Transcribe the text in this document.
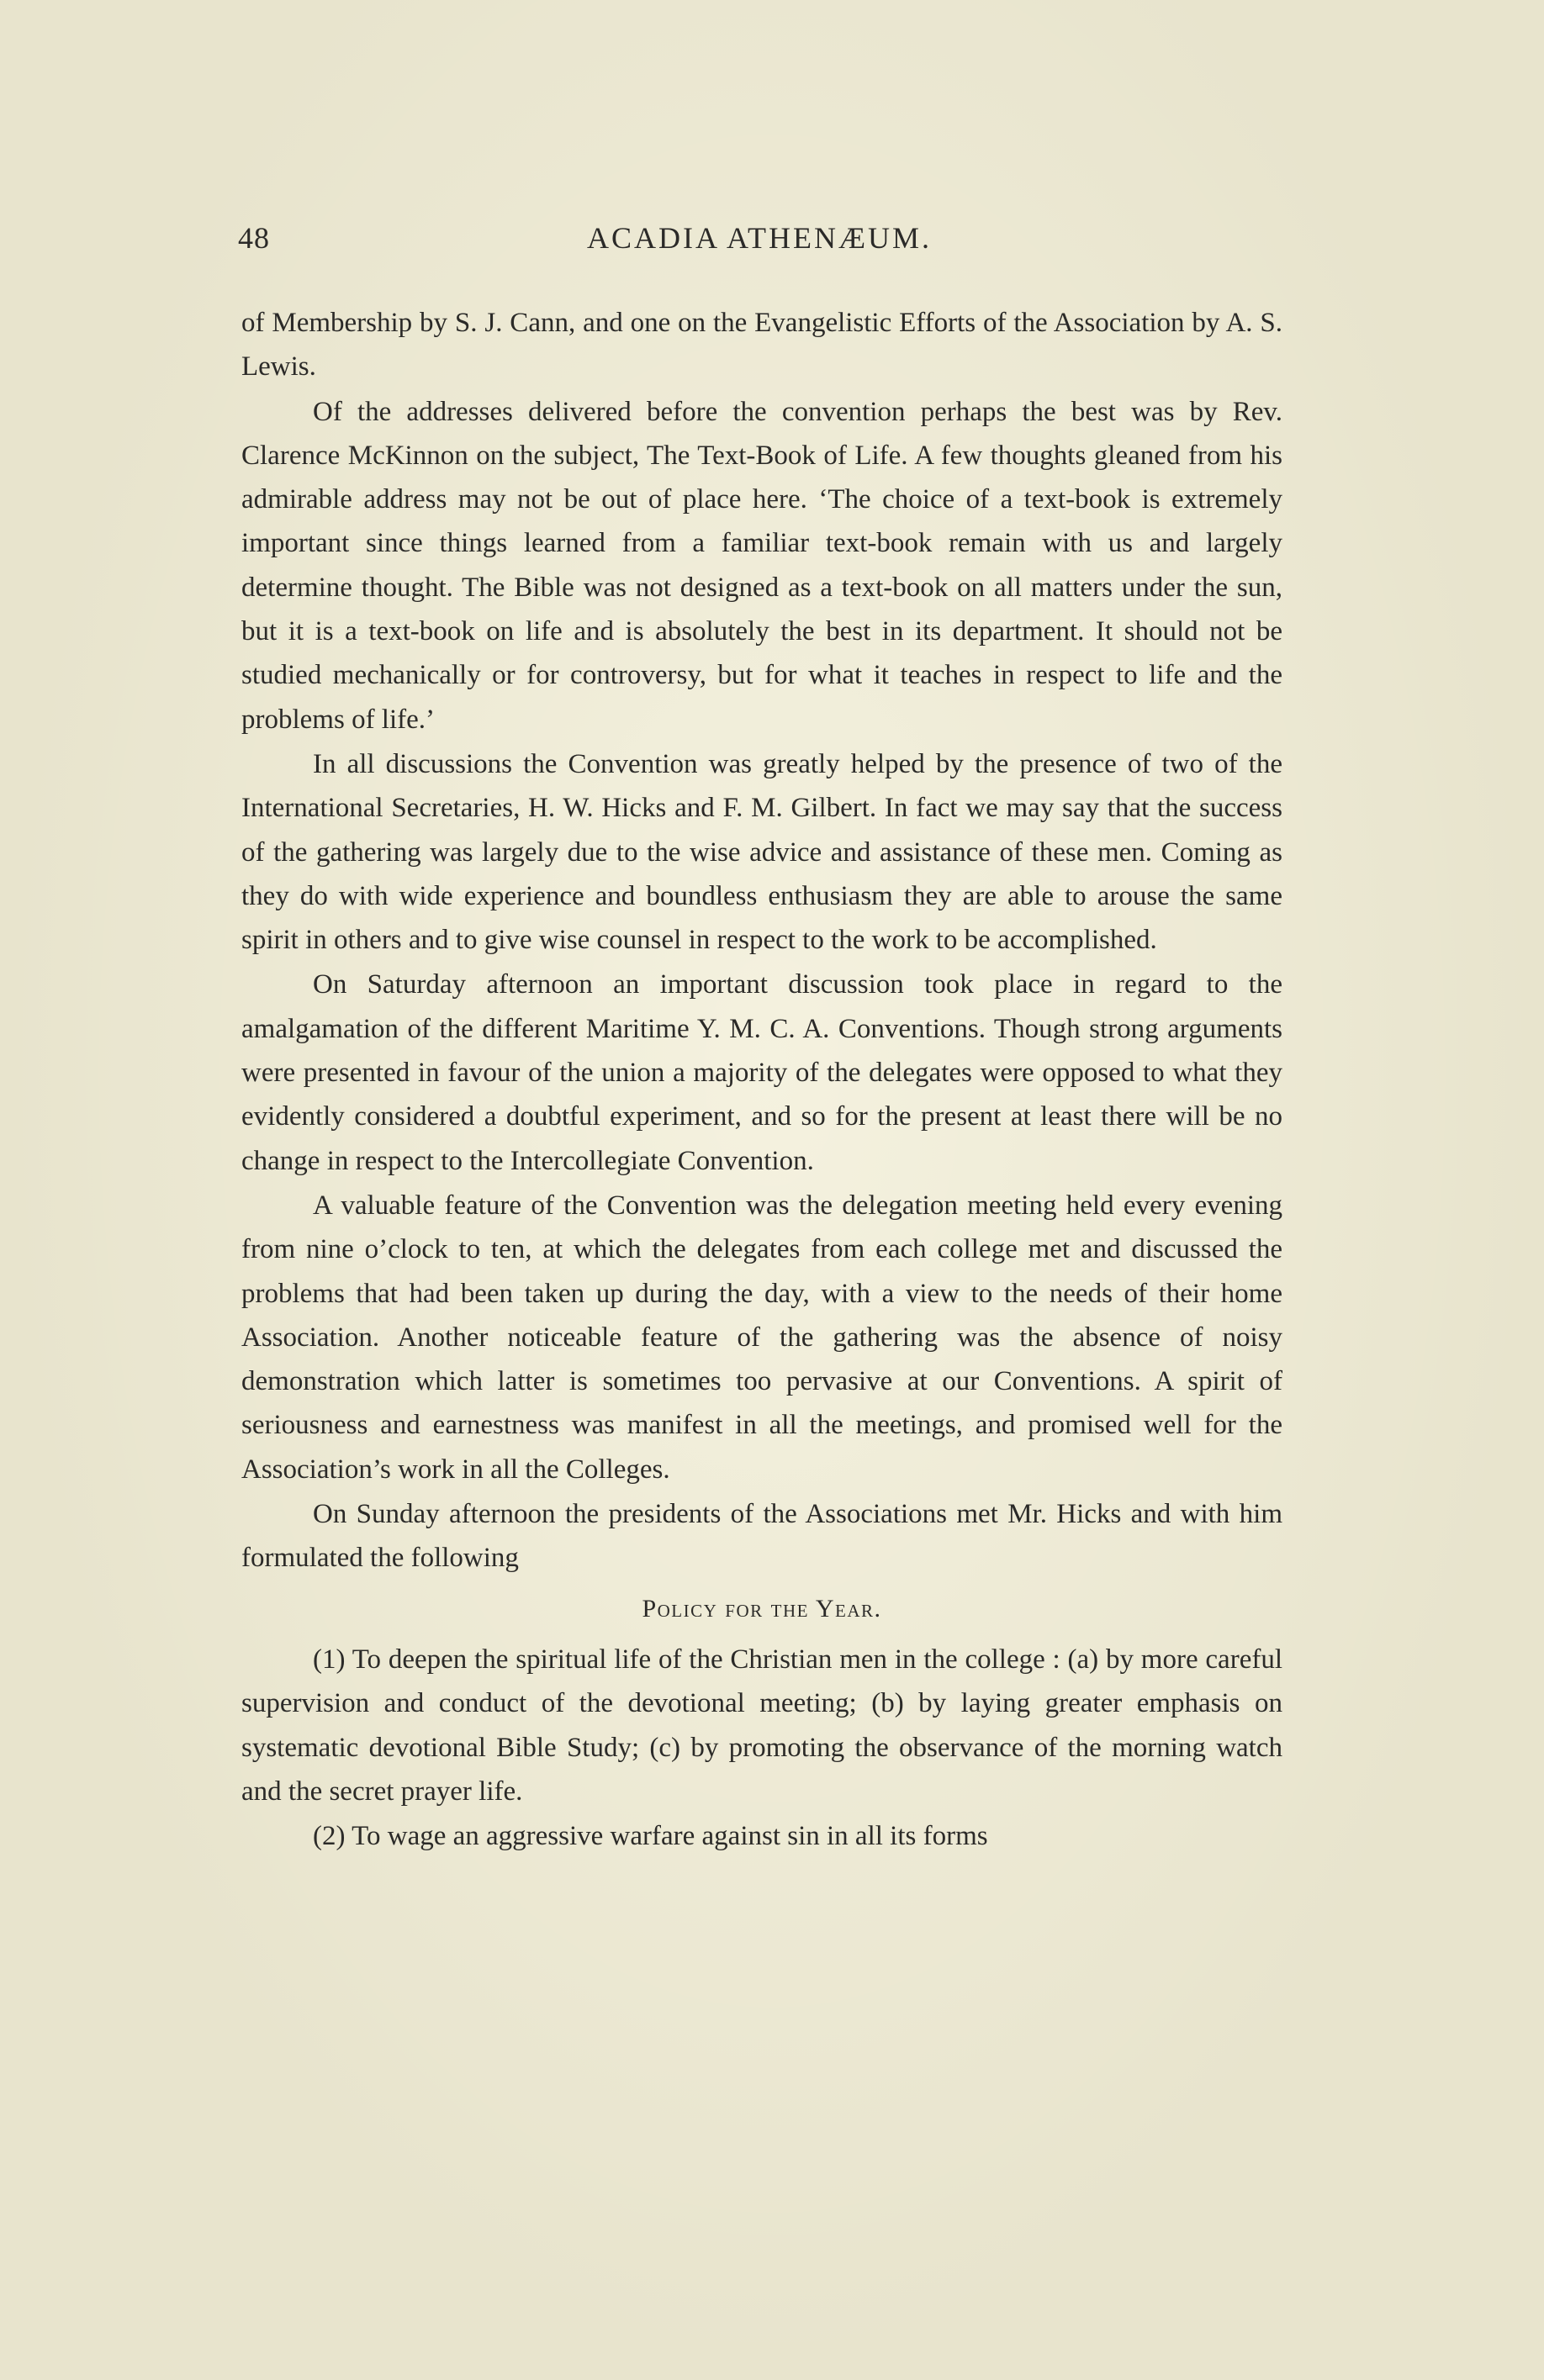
48	ACADIA ATHENÆUM.

of Membership by S. J. Cann, and one on the Evangelistic Efforts of the Association by A. S. Lewis.

Of the addresses delivered before the convention perhaps the best was by Rev. Clarence McKinnon on the subject, The Text-Book of Life. A few thoughts gleaned from his admirable address may not be out of place here. ‘The choice of a text-book is extremely important since things learned from a familiar text-book remain with us and largely determine thought. The Bible was not designed as a text-book on all matters under the sun, but it is a text-book on life and is absolutely the best in its department. It should not be studied mechanically or for controversy, but for what it teaches in respect to life and the problems of life.’

In all discussions the Convention was greatly helped by the presence of two of the International Secretaries, H. W. Hicks and F. M. Gilbert. In fact we may say that the success of the gathering was largely due to the wise advice and assistance of these men. Coming as they do with wide experience and boundless enthusiasm they are able to arouse the same spirit in others and to give wise counsel in respect to the work to be accomplished.

On Saturday afternoon an important discussion took place in regard to the amalgamation of the different Maritime Y. M. C. A. Conventions. Though strong arguments were presented in favour of the union a majority of the delegates were opposed to what they evidently considered a doubtful experiment, and so for the present at least there will be no change in respect to the Intercollegiate Convention.

A valuable feature of the Convention was the delegation meeting held every evening from nine o’clock to ten, at which the delegates from each college met and discussed the problems that had been taken up during the day, with a view to the needs of their home Association. Another noticeable feature of the gathering was the absence of noisy demonstration which latter is sometimes too pervasive at our Conventions. A spirit of seriousness and earnestness was manifest in all the meetings, and promised well for the Association’s work in all the Colleges.

On Sunday afternoon the presidents of the Associations met Mr. Hicks and with him formulated the following

Policy for the Year.

(1) To deepen the spiritual life of the Christian men in the college : (a) by more careful supervision and conduct of the devotional meeting; (b) by laying greater emphasis on systematic devotional Bible Study; (c) by promoting the observance of the morning watch and the secret prayer life.

(2) To wage an aggressive warfare against sin in all its forms
